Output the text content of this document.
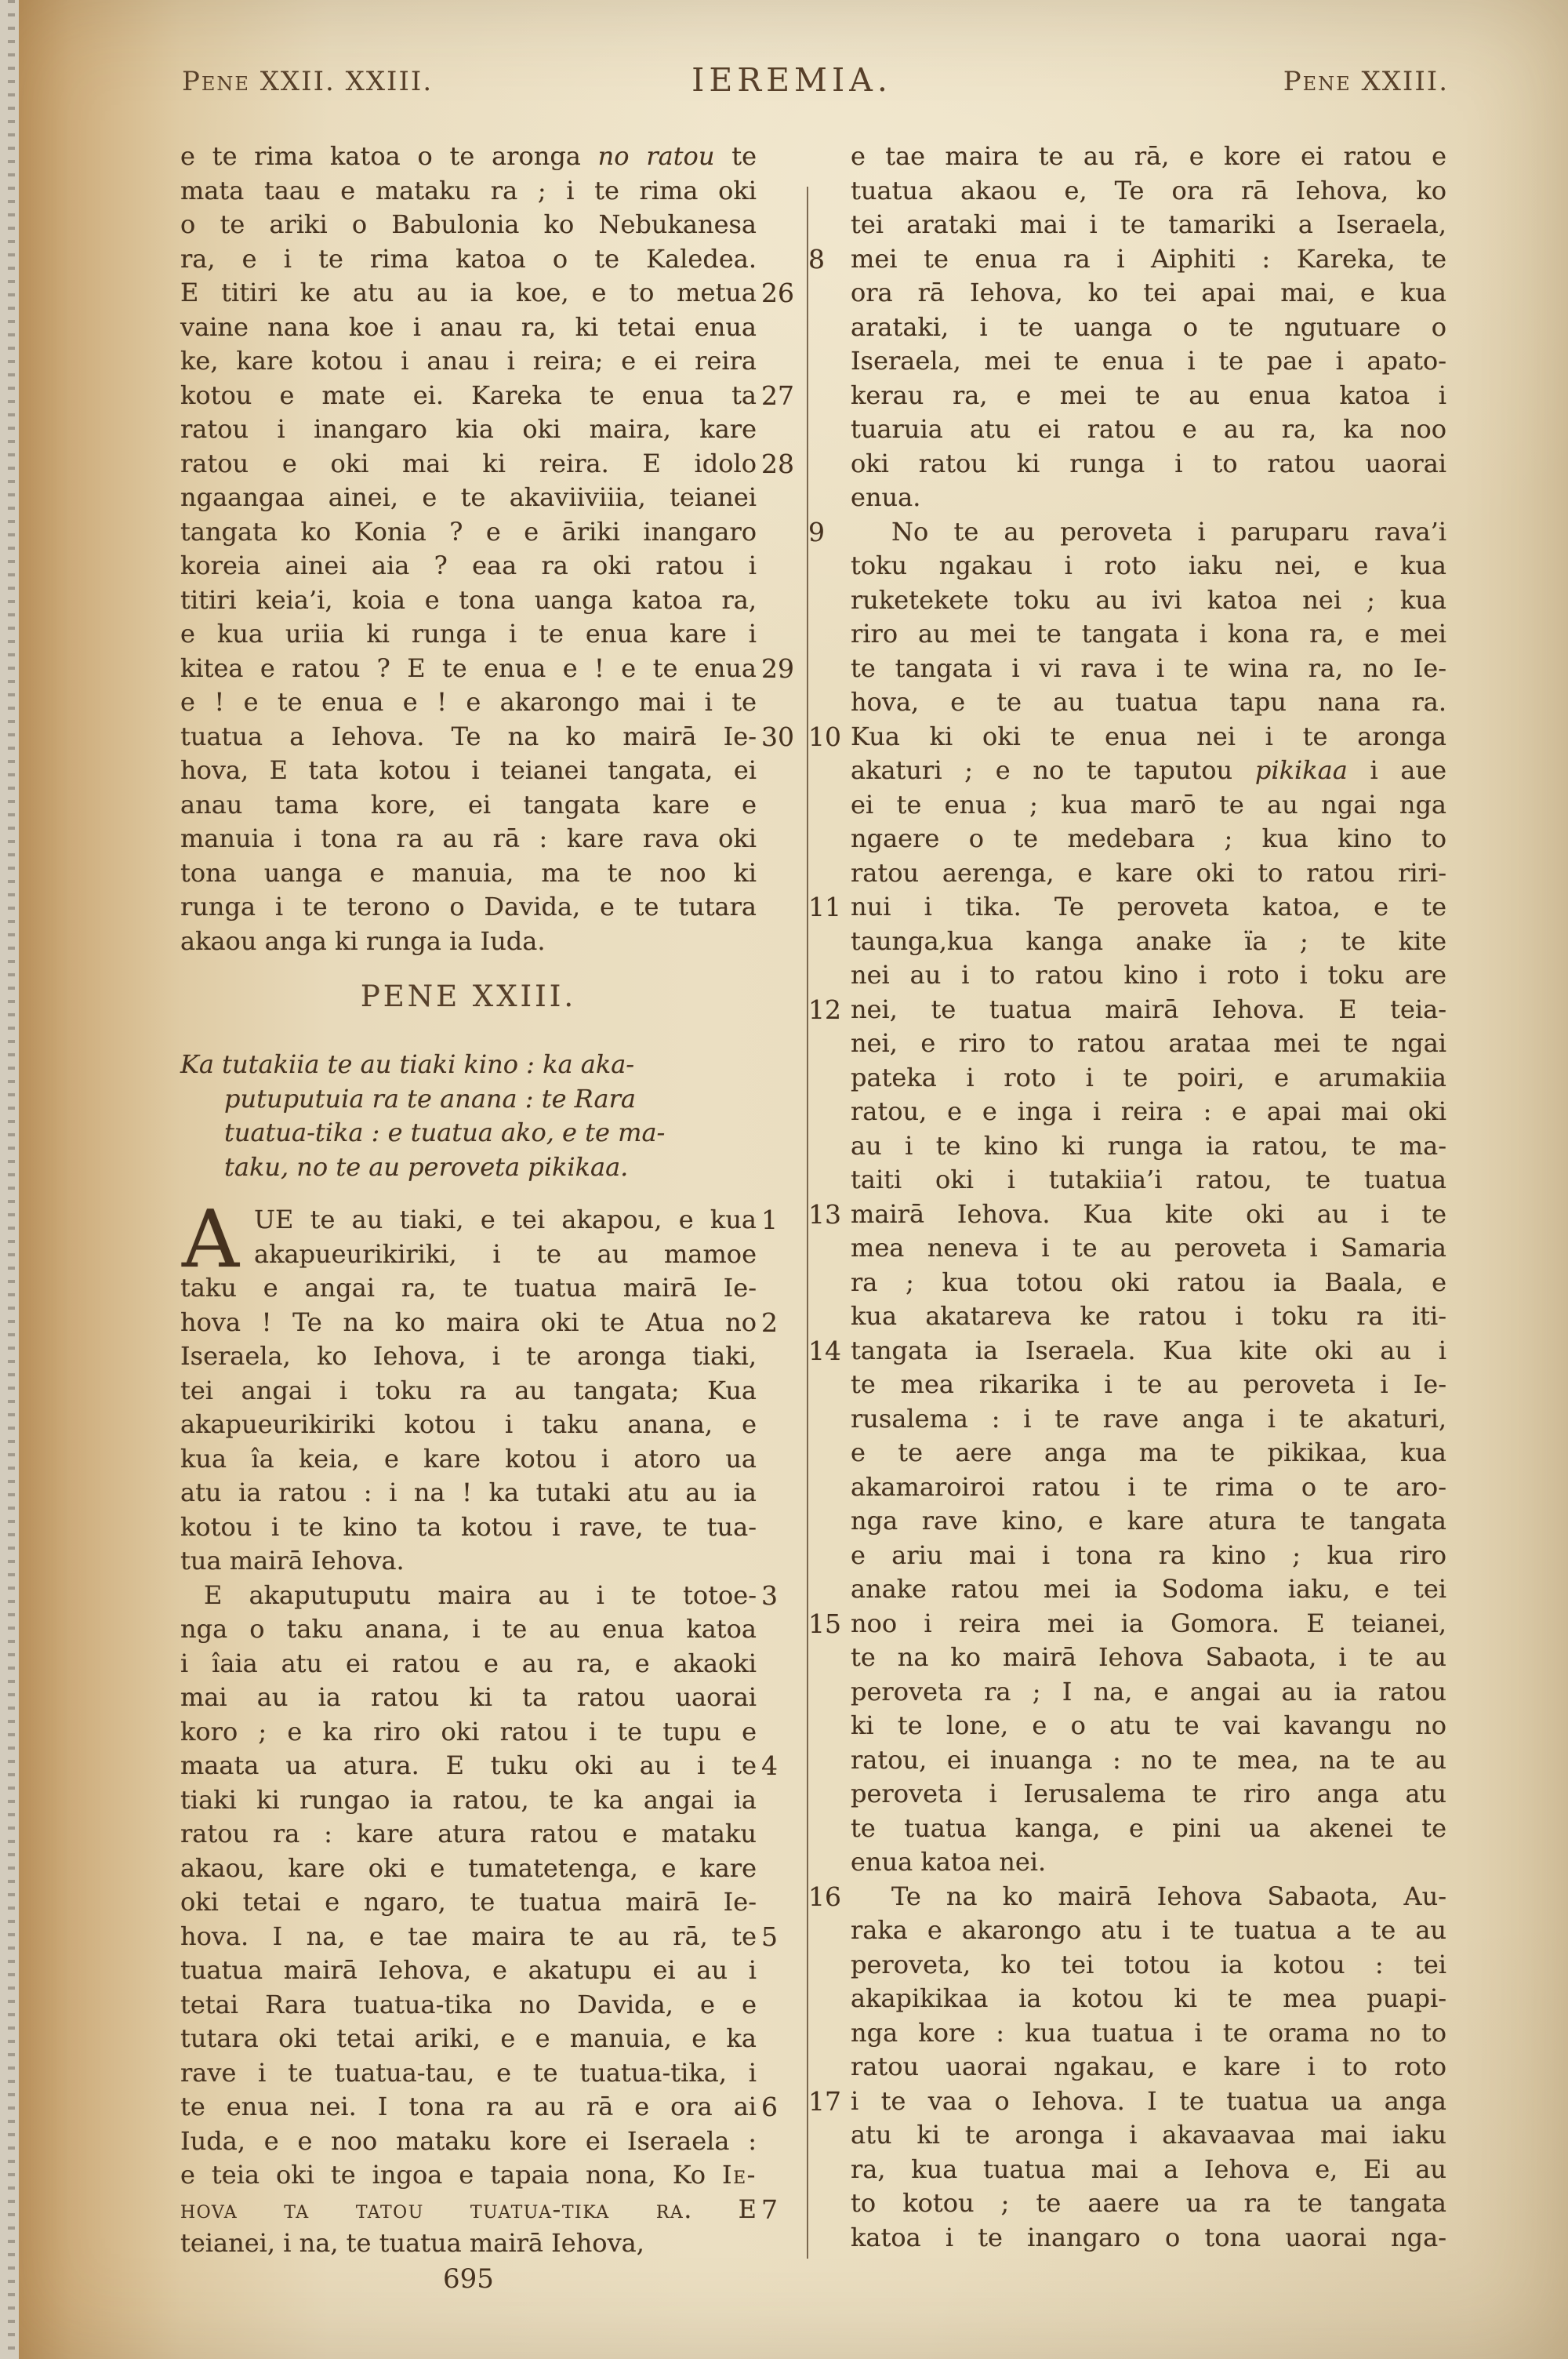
Pene XXII. XXIII.	IEREMIA.	Pene XXIII.
e te rima katoa o te aronga no ratou te
mata taau e mataku ra ; i te rima oki
o te ariki o Babulonia ko Nebukanesa
ra, e i te rima katoa o te Kaledea.
26
E titiri ke atu au ia koe, e to metua
vaine nana koe i anau ra, ki tetai enua
ke, kare kotou i anau i reira; e ei reira
27
kotou e mate ei. Kareka te enua ta
ratou i inangaro kia oki maira, kare
28
ratou e oki mai ki reira. E idolo
ngaangaa ainei, e te akaviiviiia, teianei
tangata ko Konia ? e e āriki inangaro
koreia ainei aia ? eaa ra oki ratou i
titiri keia’i, koia e tona uanga katoa ra,
e kua uriia ki runga i te enua kare i
29
kitea e ratou ? E te enua e ! e te enua
e ! e te enua e ! e akarongo mai i te
30
tuatua a Iehova. Te na ko mairā Ie-
hova, E tata kotou i teianei tangata, ei
anau tama kore, ei tangata kare e
manuia i tona ra au rā : kare rava oki
tona uanga e manuia, ma te noo ki
runga i te terono o Davida, e te tutara
akaou anga ki runga ia Iuda.
PENE XXIII.
Ka tutakiia te au tiaki kino : ka aka-
putuputuia ra te anana : te Rara
tuatua-tika : e tuatua ako, e te ma-
taku, no te au peroveta pikikaa.
1
A UE te au tiaki, e tei akapou, e kua
akapueurikiriki, i te au mamoe
taku e angai ra, te tuatua mairā Ie-
2
hova ! Te na ko maira oki te Atua no
Iseraela, ko Iehova, i te aronga tiaki,
tei angai i toku ra au tangata; Kua
akapueurikiriki kotou i taku anana, e
kua îa keia, e kare kotou i atoro ua
atu ia ratou : i na ! ka tutaki atu au ia
kotou i te kino ta kotou i rave, te tua-
tua mairā Iehova.
3
E akaputuputu maira au i te totoe-
nga o taku anana, i te au enua katoa
i îaia atu ei ratou e au ra, e akaoki
mai au ia ratou ki ta ratou uaorai
koro ; e ka riro oki ratou i te tupu e
4
maata ua atura. E tuku oki au i te
tiaki ki rungao ia ratou, te ka angai ia
ratou ra : kare atura ratou e mataku
akaou, kare oki e tumatetenga, e kare
oki tetai e ngaro, te tuatua mairā Ie-
5
hova. I na, e tae maira te au rā, te
tuatua mairā Iehova, e akatupu ei au i
tetai Rara tuatua-tika no Davida, e e
tutara oki tetai ariki, e e manuia, e ka
rave i te tuatua-tau, e te tuatua-tika, i
6
te enua nei. I tona ra au rā e ora ai
Iuda, e e noo mataku kore ei Iseraela :
e teia oki te ingoa e tapaia nona, Ko Ie-
7
hova ta tatou tuatua-tika ra. E
teianei, i na, te tuatua mairā Iehova,
695
e tae maira te au rā, e kore ei ratou e
tuatua akaou e, Te ora rā Iehova, ko
tei arataki mai i te tamariki a Iseraela,
8	mei te enua ra i Aiphiti : Kareka, te
ora rā Iehova, ko tei apai mai, e kua
arataki, i te uanga o te ngutuare o
Iseraela, mei te enua i te pae i apato-
kerau ra, e mei te au enua katoa i
tuaruia atu ei ratou e au ra, ka noo
oki ratou ki runga i to ratou uaorai
enua.
9	No te au peroveta i paruparu rava’i
toku ngakau i roto iaku nei, e kua
ruketekete toku au ivi katoa nei ; kua
riro au mei te tangata i kona ra, e mei
te tangata i vi rava i te wina ra, no Ie-
hova, e te au tuatua tapu nana ra.
10 Kua ki oki te enua nei i te aronga
akaturi ; e no te taputou pikikaa i aue
ei te enua ; kua marō te au ngai nga
ngaere o te medebara ; kua kino to
ratou aerenga, e kare oki to ratou riri-
11 nui i tika. Te peroveta katoa, e te
taunga,kua kanga anake ïa ; te kite
nei au i to ratou kino i roto i toku are
12 nei, te tuatua mairā Iehova. E teia-
nei, e riro to ratou arataa mei te ngai
pateka i roto i te poiri, e arumakiia
ratou, e e inga i reira : e apai mai oki
au i te kino ki runga ia ratou, te ma-
taiti oki i tutakiia’i ratou, te tuatua
13 mairā Iehova. Kua kite oki au i te
mea neneva i te au peroveta i Samaria
ra ; kua totou oki ratou ia Baala, e
kua akatareva ke ratou i toku ra iti-
14 tangata ia Iseraela. Kua kite oki au i
te mea rikarika i te au peroveta i Ie-
rusalema : i te rave anga i te akaturi,
e te aere anga ma te pikikaa, kua
akamaroiroi ratou i te rima o te aro-
nga rave kino, e kare atura te tangata
e ariu mai i tona ra kino ; kua riro
anake ratou mei ia Sodoma iaku, e tei
15 noo i reira mei ia Gomora. E teianei,
te na ko mairā Iehova Sabaota, i te au
peroveta ra ; I na, e angai au ia ratou
ki te lone, e o atu te vai kavangu no
ratou, ei inuanga : no te mea, na te au
peroveta i Ierusalema te riro anga atu
te tuatua kanga, e pini ua akenei te
enua katoa nei.
16 Te na ko mairā Iehova Sabaota, Au-
raka e akarongo atu i te tuatua a te au
peroveta, ko tei totou ia kotou : tei
akapikikaa ia kotou ki te mea puapi-
nga kore : kua tuatua i te orama no to
ratou uaorai ngakau, e kare i to roto
17 i te vaa o Iehova. I te tuatua ua anga
atu ki te aronga i akavaavaa mai iaku
ra, kua tuatua mai a Iehova e, Ei au
to kotou ; te aaere ua ra te tangata
katoa i te inangaro o tona uaorai nga-
